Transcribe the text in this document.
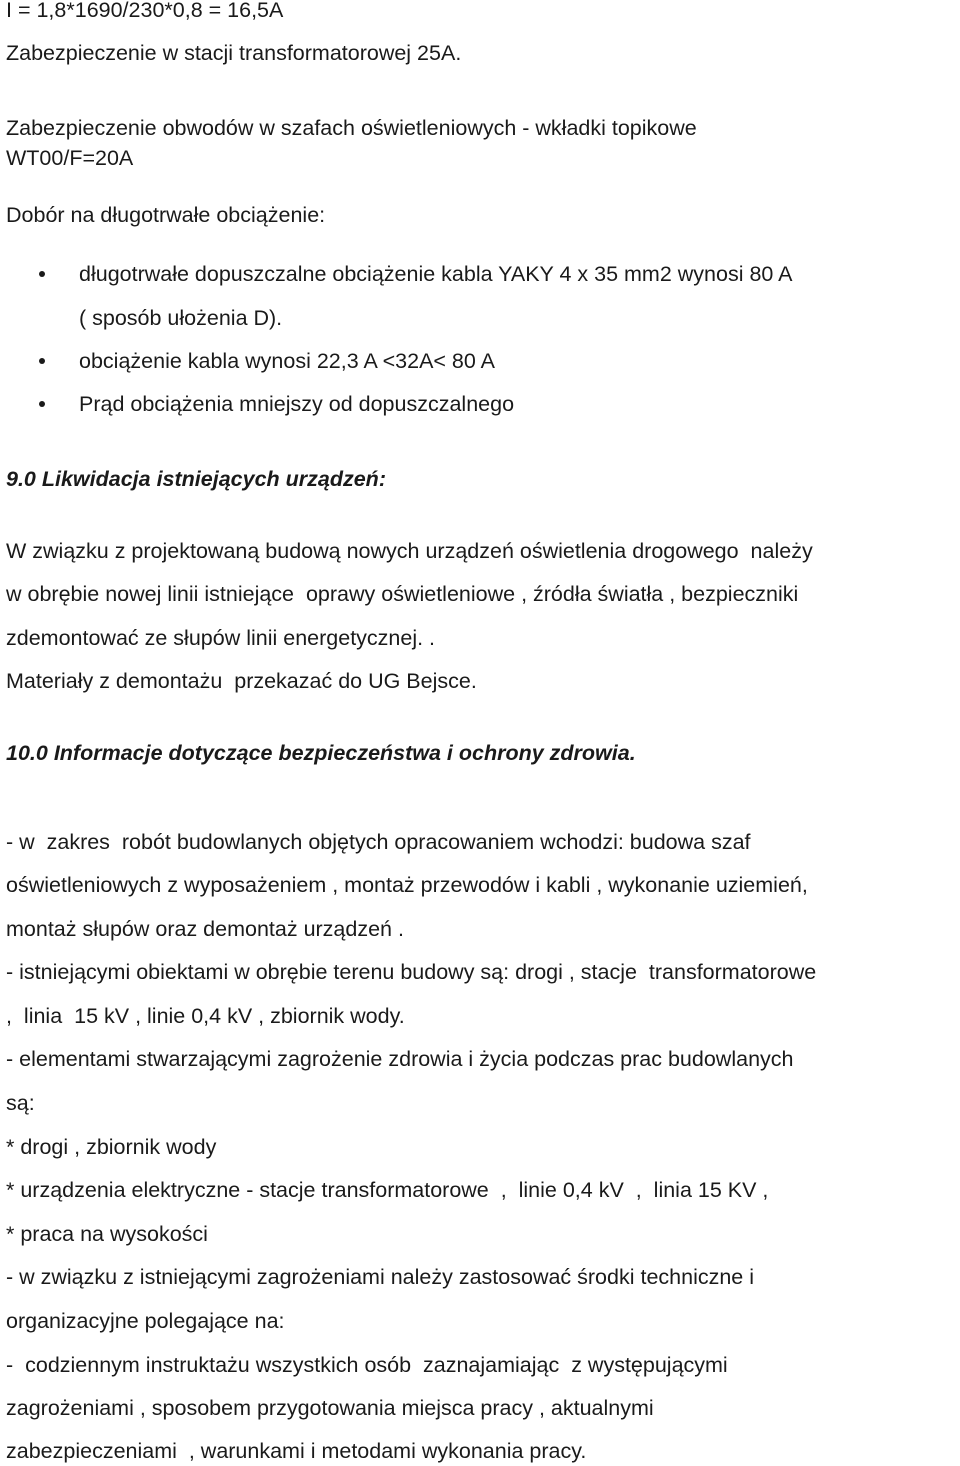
I = 1,8*1690/230*0,8 = 16,5A

Zabezpieczenie w stacji transformatorowej 25A.

Zabezpieczenie obwodów w szafach oświetleniowych - wkładki topikowe

WT00/F=20A

Dobór na długotrwałe obciążenie:

długotrwałe dopuszczalne obciążenie kabla YAKY 4 x 35 mm2 wynosi 80 A

( sposób ułożenia D).

obciążenie kabla wynosi 22,3 A <32A< 80 A
Prąd obciążenia mniejszy od dopuszczalnego

9.0 Likwidacja istniejących urządzeń:

W związku z projektowaną budową nowych urządzeń oświetlenia drogowego  należy

w obrębie nowej linii istniejące  oprawy oświetleniowe , źródła światła , bezpieczniki

zdemontować ze słupów linii energetycznej. .

Materiały z demontażu  przekazać do UG Bejsce.

10.0 Informacje dotyczące bezpieczeństwa i ochrony zdrowia.

- w  zakres  robót budowlanych objętych opracowaniem wchodzi: budowa szaf

oświetleniowych z wyposażeniem , montaż przewodów i kabli , wykonanie uziemień,

montaż słupów oraz demontaż urządzeń .

- istniejącymi obiektami w obrębie terenu budowy są: drogi , stacje  transformatorowe

,  linia  15 kV , linie 0,4 kV , zbiornik wody.

- elementami stwarzającymi zagrożenie zdrowia i życia podczas prac budowlanych

są:

* drogi , zbiornik wody

* urządzenia elektryczne - stacje transformatorowe  ,  linie 0,4 kV  ,  linia 15 KV ,

* praca na wysokości

- w związku z istniejącymi zagrożeniami należy zastosować środki techniczne i

organizacyjne polegające na:

-  codziennym instruktażu wszystkich osób  zaznajamiając  z występującymi

zagrożeniami , sposobem przygotowania miejsca pracy , aktualnymi

zabezpieczeniami  , warunkami i metodami wykonania pracy.
